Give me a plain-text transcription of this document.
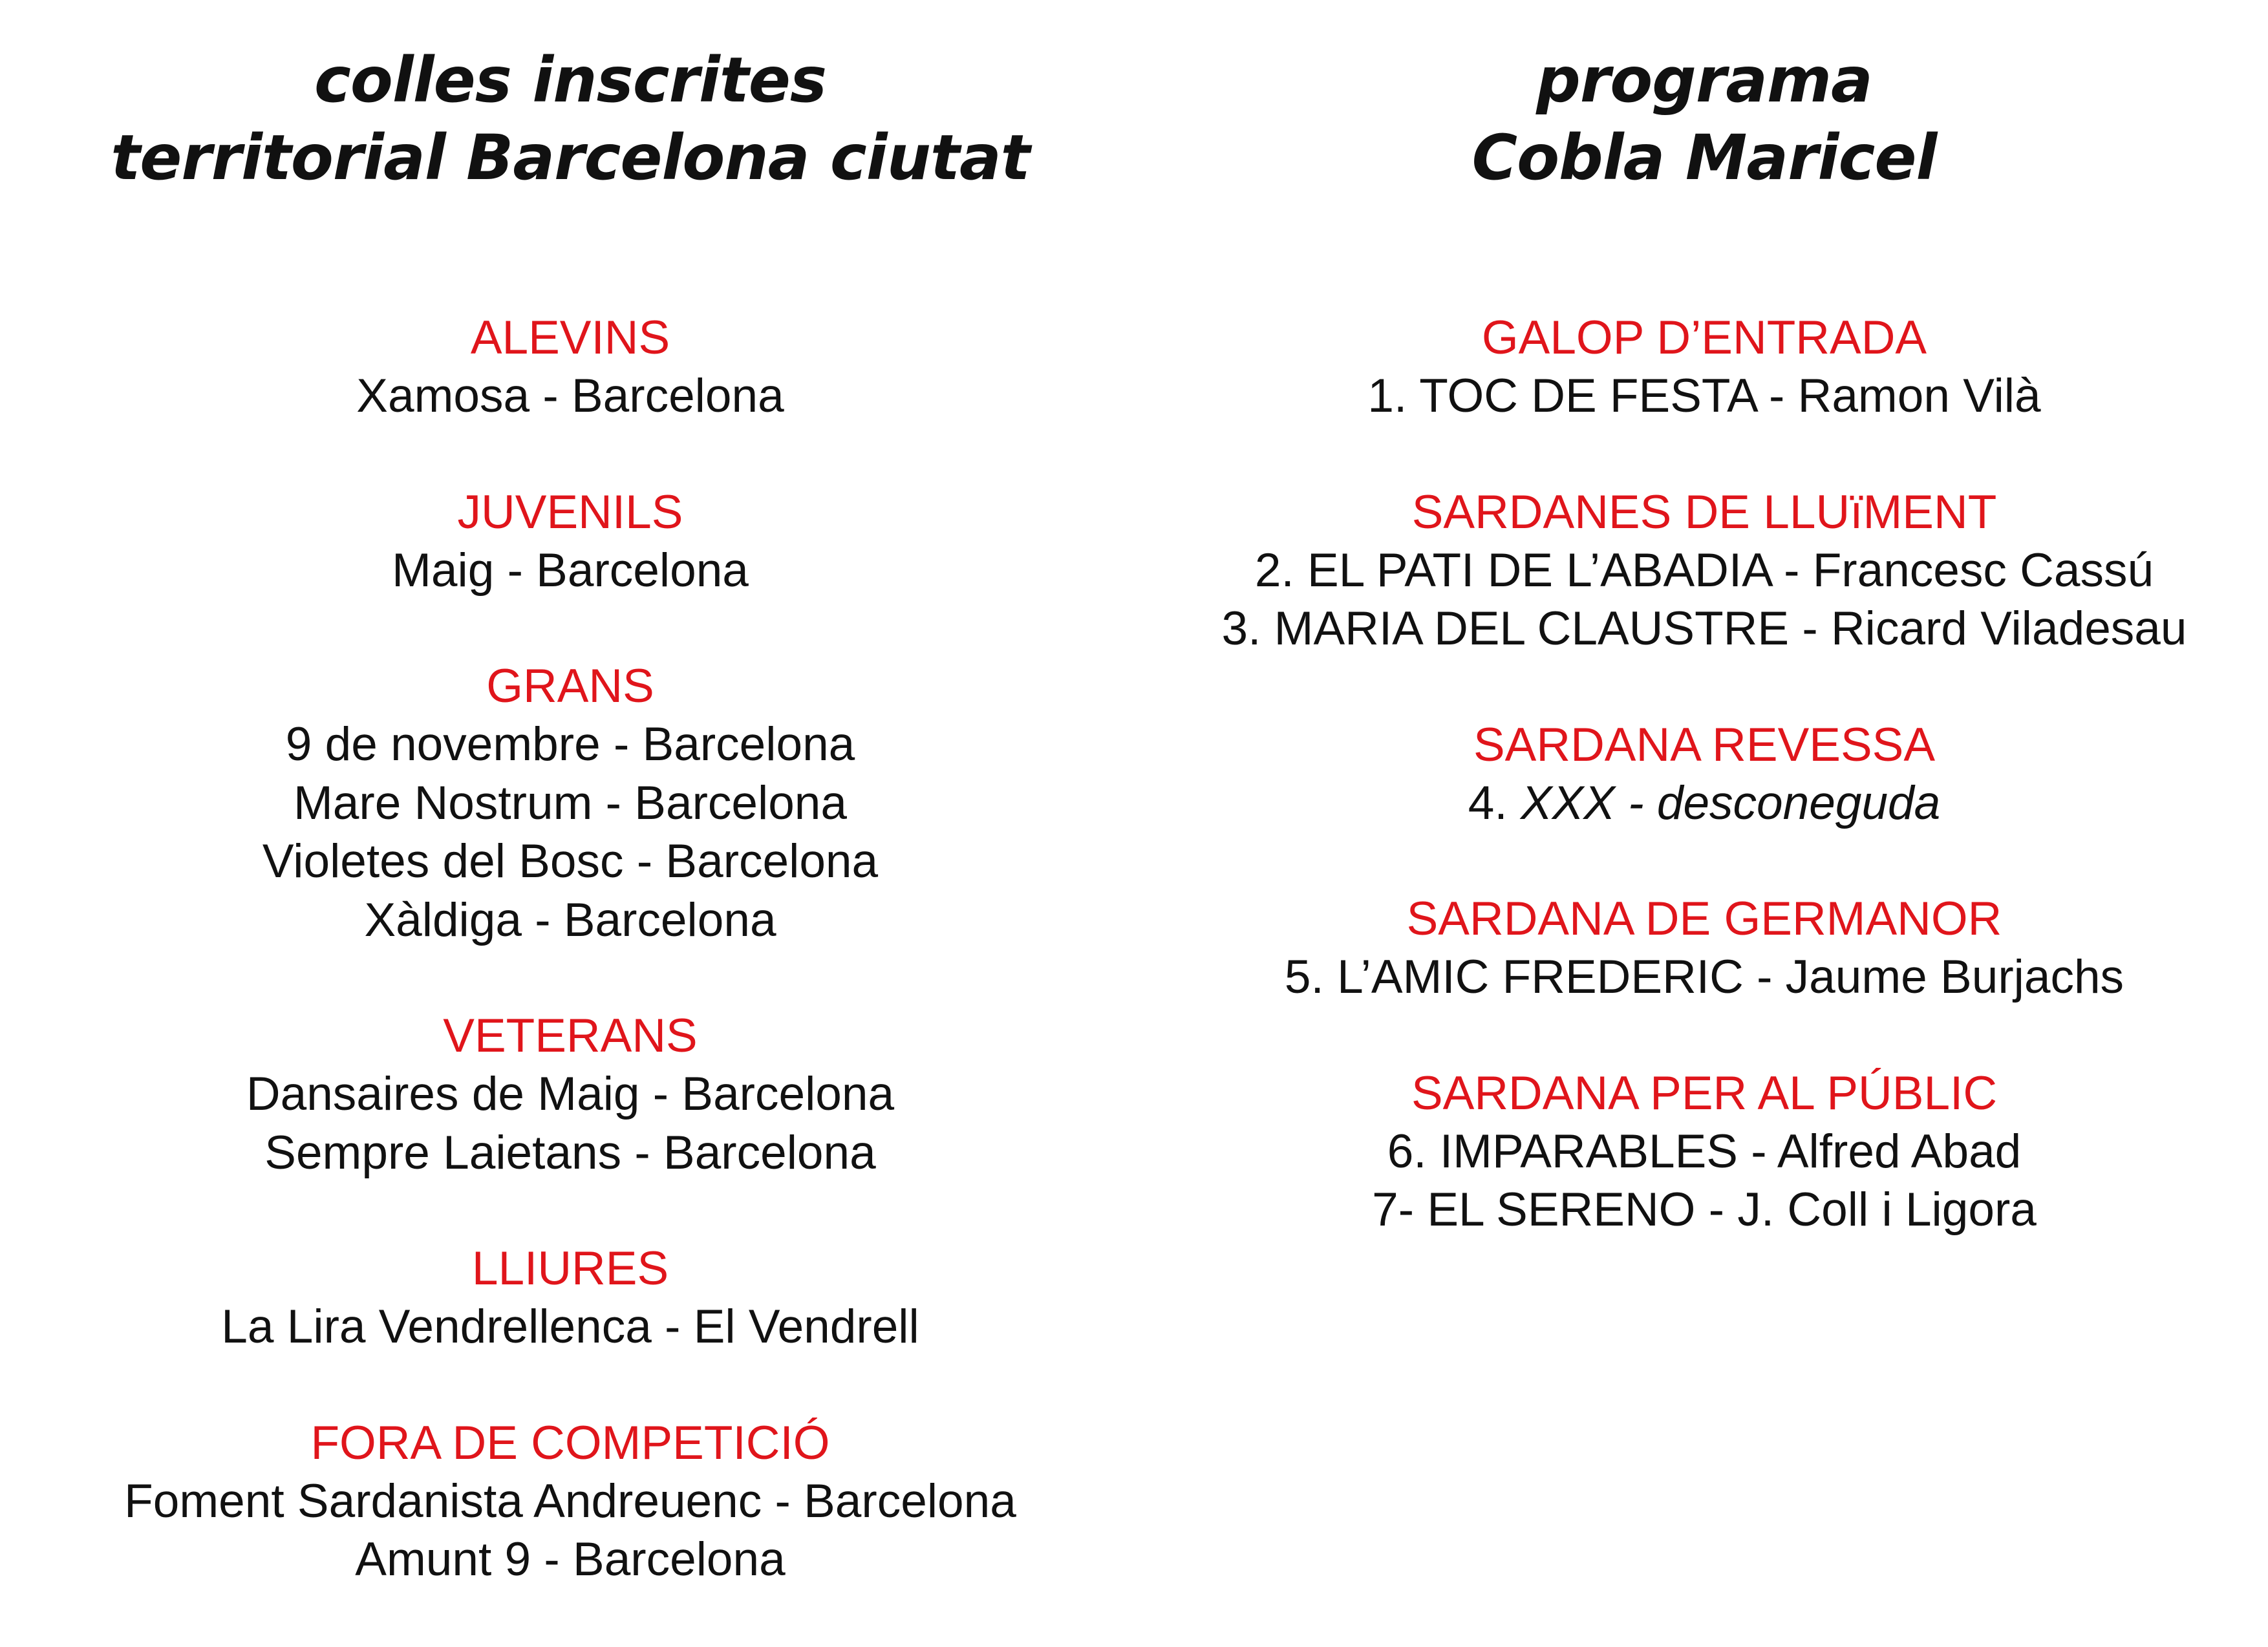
colles inscrites
territorial Barcelona ciutat
ALEVINS
Xamosa - Barcelona
JUVENILS
Maig - Barcelona
GRANS
9 de novembre - Barcelona
Mare Nostrum - Barcelona
Violetes del Bosc - Barcelona
Xàldiga - Barcelona
VETERANS
Dansaires de Maig - Barcelona
Sempre Laietans - Barcelona
LLIURES
La Lira Vendrellenca - El Vendrell
FORA DE COMPETICIÓ
Foment Sardanista Andreuenc - Barcelona
Amunt 9 - Barcelona
programa
Cobla Maricel
GALOP D’ENTRADA
1. TOC DE FESTA - Ramon Vilà
SARDANES DE LLUïMENT
2. EL PATI DE L’ABADIA - Francesc Cassú
3. MARIA DEL CLAUSTRE - Ricard Viladesau
SARDANA REVESSA
4. XXX - desconeguda
SARDANA DE GERMANOR
5. L’AMIC FREDERIC - Jaume Burjachs
SARDANA PER AL PÚBLIC
6. IMPARABLES - Alfred Abad
7- EL SERENO - J. Coll i Ligora
